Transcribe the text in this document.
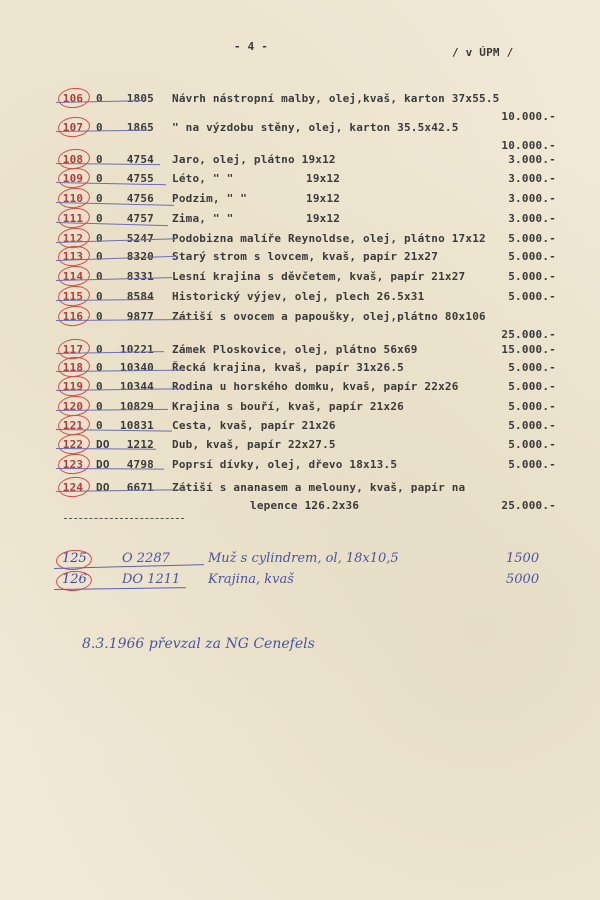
- 4 -	/ v ÚPM /
106 0	1805 Návrh nástropní malby, olej,kvaš, karton 37x55.5
10.000.-
107 0	1865 " na výzdobu stěny, olej, karton 35.5x42.5
10.000.-
108 0	4754 Jaro, olej, plátno 19x12	3.000.-
109 0	4755 Léto, " "	19x12	3.000.-
110 0	4756 Podzim, " "	19x12	3.000.-
111 0	4757 Zima, " "	19x12	3.000.-
112 0	5247 Podobizna malíře Reynoldse, olej, plátno 17x12 5.000.-
113 0	8320 Starý strom s lovcem, kvaš, papír 21x27	5.000.-
114 0	8331 Lesní krajina s děvčetem, kvaš, papír 21x27	5.000.-
115 0	8584 Historický výjev, olej, plech 26.5x31	5.000.-
116 0	9877 Zátiší s ovocem a papoušky, olej,plátno 80x106
25.000.-
117 0	10221 Zámek Ploskovice, olej, plátno 56x69	15.000.-
118 0	10340 Řecká krajina, kvaš, papír 31x26.5	5.000.-
119 0	10344 Rodina u horského domku, kvaš, papír 22x26	5.000.-
120 0	10829 Krajina s bouří, kvaš, papír 21x26	5.000.-
121 0	10831 Cesta, kvaš, papír 21x26	5.000.-
122 DO	1212 Dub, kvaš, papír 22x27.5	5.000.-
123 DO	4798 Poprsí dívky, olej, dřevo 18x13.5	5.000.-
124 DO	6671 Zátiší s ananasem a melouny, kvaš, papír na
lepence 126.2x36	25.000.-
125	O 2287	Muž s cylindrem, ol, 18x10,5	1500
126	DO 1211 Krajina, kvaš	5000
8.3.1966 převzal za NG Cenefels
